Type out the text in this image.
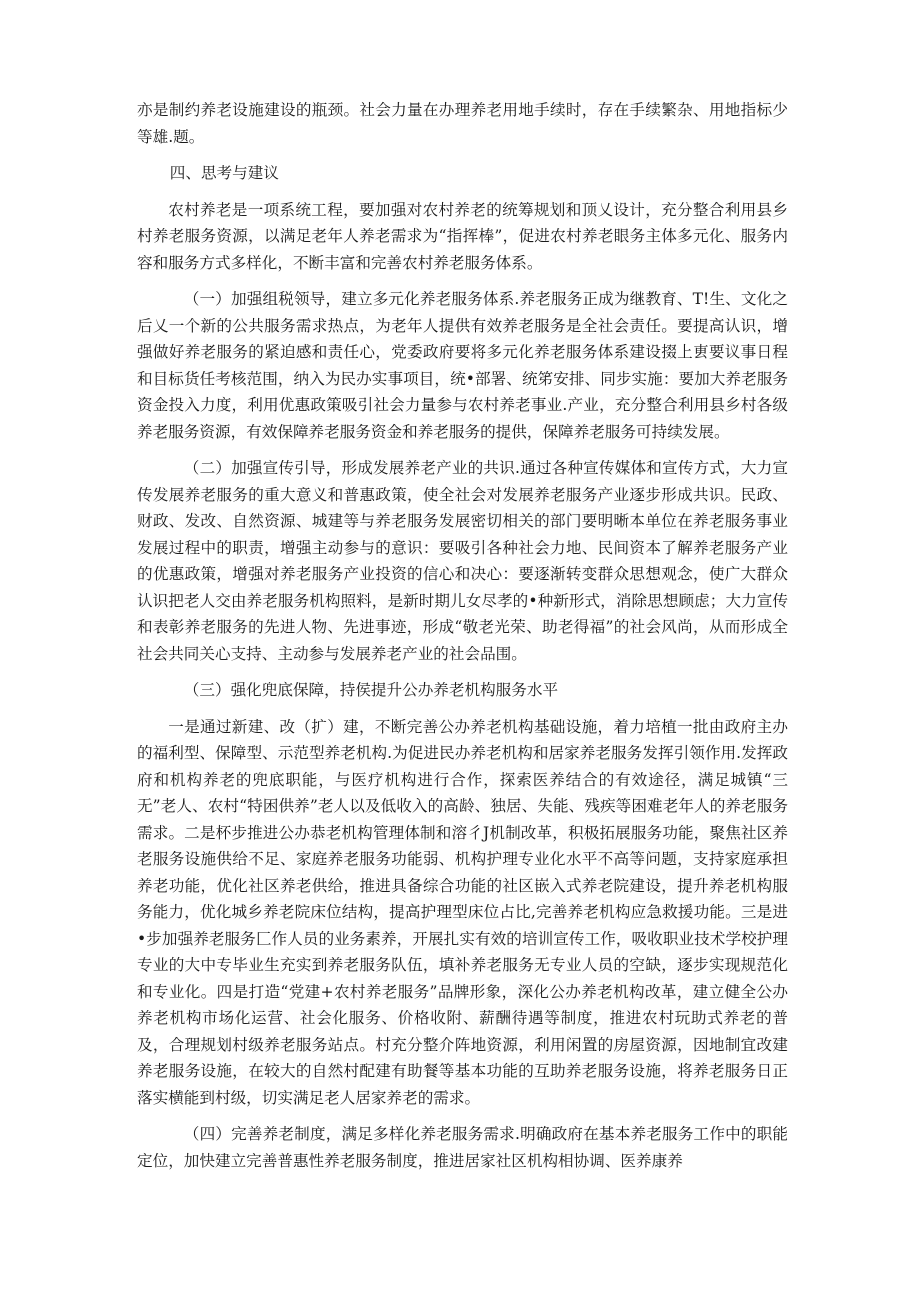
亦是制约养老设施建设的瓶颈。社会力量在办理养老用地手续时，存在手续繁杂、用地指标少等雄.题。

四、思考与建议

农村养老是一项系统工程，要加强对农村养老的统筹规划和顶乂设计，充分整合利用县乡村养老服务资源，以满足老年人养老需求为“指挥棒”，促进农村养老眼务主体多元化、服务内容和服务方式多样化，不断丰富和完善农村养老服务体系。

（一）加强组税领导，建立多元化养老服务体系.养老服务正成为继教育、T!生、文化之后乂一个新的公共服务需求热点，为老年人提供有效养老服务是全社会责任。要提高认识，增强做好养老服务的紧迫感和责任心，党委政府要将多元化养老服务体系建设掇上叀要议事日程和目标货任考核范围，纳入为民办实事项目，统•部署、统笫安排、同步实施：要加大养老服务资金投入力度，利用优惠政策吸引社会力量参与农村养老事业.产业，充分整合利用县乡村各级养老服务资源，有效保障养老服务资金和养老服务的提供，保障养老服务可持续发展。

（二）加强宣传引导，形成发展养老产业的共识.通过各种宣传媒体和宣传方式，大力宣传发展养老服务的重大意义和普惠政策，使全社会对发展养老服务产业逐步形成共识。民政、财政、发改、自然资源、城建等与养老服务发展密切相关的部门要明晰本单位在养老服务事业发展过程中的职责，增强主动参与的意识：要吸引各种社会力地、民间资本了解养老服务产业的优惠政策，增强对养老服务产业投资的信心和决心：要逐渐转变群众思想观念，使广大群众认识把老人交由养老服务机构照料，是新时期儿女尽孝的•种新形式，消除思想顾虑；大力宣传和表彰养老服务的先进人物、先进事迹，形成“敬老光荣、助老得福”的社会风尚，从而形成全社会共同关心支持、主动参与发展养老产业的社会品围。

（三）强化兜底保障，持侯提升公办养老机构服务水平

一是通过新建、改（扩）建，不断完善公办养老机构基础设施，着力培植一批由政府主办的福利型、保障型、示范型养老机构.为促进民办养老机构和居家养老服务发挥引领作用.发挥政府和机构养老的兜底职能，与医疗机构进行合作，探索医养结合的有效途径，满足城镇“三无”老人、农村“特困供养”老人以及低收入的高龄、独居、失能、残疾等困难老年人的养老服务需求。二是杯步推进公办恭老机构管理体制和溶彳J机制改革，积极拓展服务功能，聚焦社区养老服务设施供给不足、家庭养老服务功能弱、机构护理专业化水平不高等问题，支持家庭承担养老功能，优化社区养老供给，推进具备综合功能的社区嵌入式养老院建设，提升养老机构服务能力，优化城乡养老院床位结构，提高护理型床位占比,完善养老机构应急救援功能。三是进•步加强养老服务匚作人员的业务素养，开展扎实有效的培训宣传工作，吸收职业技术学校护理专业的大中专毕业生充实到养老服务队伍，填补养老服务无专业人员的空缺，逐步实现规范化和专业化。四是打造“党建+农村养老服务”品牌形象，深化公办养老机构改革，建立健全公办养老机构市场化运营、社会化服务、价格收附、薪酬待遇等制度，推进农村玩助式养老的普及，合理规划村级养老服务站点。村充分整介阵地资源，利用闲置的房屋资源，因地制宜改建养老服务设施，在较大的自然村配建有助餐等基本功能的互助养老服务设施，将养老服务日正落实横能到村级，切实满足老人居家养老的需求。

（四）完善养老制度，满足多样化养老服务需求.明确政府在基本养老服务工作中的职能定位，加快建立完善普惠性养老服务制度，推进居家社区机构相协调、医养康养
